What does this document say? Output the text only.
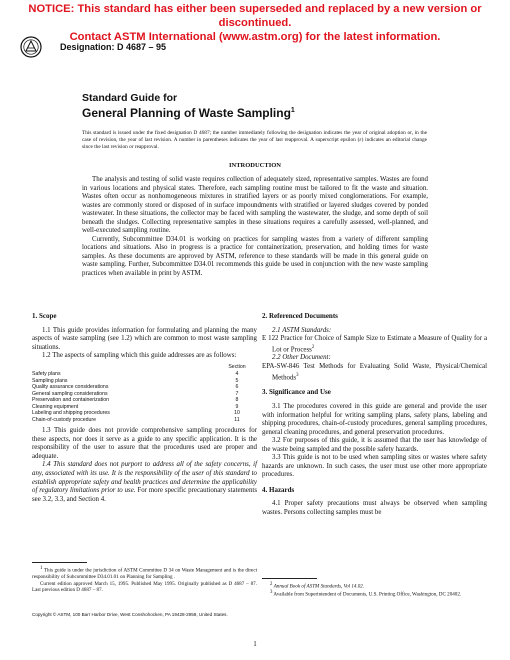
NOTICE: This standard has either been superseded and replaced by a new version or discontinued.
Contact ASTM International (www.astm.org) for the latest information.
Designation: D 4687 – 95
Standard Guide for
General Planning of Waste Sampling$^1$
This standard is issued under the fixed designation D 4687; the number immediately following the designation indicates the year of original adoption or, in the case of revision, the year of last revision. A number in parentheses indicates the year of last reapproval. A superscript epsilon (ε) indicates an editorial change since the last revision or reapproval.
INTRODUCTION

The analysis and testing of solid waste requires collection of adequately sized, representative samples. Wastes are found in various locations and physical states. Therefore, each sampling routine must be tailored to fit the waste and situation. Wastes often occur as nonhomogeneous mixtures in stratified layers or as poorly mixed conglomerations. For example, wastes are commonly stored or disposed of in surface impoundments with stratified or layered sludges covered by ponded wastewater. In these situations, the collector may be faced with sampling the wastewater, the sludge, and some depth of soil beneath the sludges. Collecting representative samples in these situations requires a carefully assessed, well-planned, and well-executed sampling routine.

Currently, Subcommittee D34.01 is working on practices for sampling wastes from a variety of different sampling locations and situations. Also in progress is a practice for containerization, preservation, and holding times for waste samples. As these documents are approved by ASTM, reference to these standards will be made in this general guide on waste sampling. Further, Subcommittee D34.01 recommends this guide be used in conjunction with the new waste sampling practices when available in print by ASTM.

1. Scope

1.1 This guide provides information for formulating and planning the many aspects of waste sampling (see 1.2) which are common to most waste sampling situations.

1.2 The aspects of sampling which this guide addresses are as follows:

	Section
Safety plans	4
Sampling plans	5
Quality assurance considerations	6
General sampling considerations	7
Preservation and containerization	8
Cleaning equipment	9
Labeling and shipping procedures	10
Chain-of-custody procedure	11

1.3 This guide does not provide comprehensive sampling procedures for these aspects, nor does it serve as a guide to any specific application. It is the responsibility of the user to assure that the procedures used are proper and adequate.

1.4 This standard does not purport to address all of the safety concerns, if any, associated with its use. It is the responsibility of the user of this standard to establish appropriate safety and health practices and determine the applicability of regulatory limitations prior to use. For more specific precautionary statements see 3.2, 3.3, and Section 4.

2. Referenced Documents

2.1 ASTM Standards:

E 122 Practice for Choice of Sample Size to Estimate a Measure of Quality for a Lot or Process$^2$

2.2 Other Document:

EPA-SW-846 Test Methods for Evaluating Solid Waste, Physical/Chemical Methods$^3$

3. Significance and Use

3.1 The procedures covered in this guide are general and provide the user with information helpful for writing sampling plans, safety plans, labeling and shipping procedures, chain-of-custody procedures, general sampling procedures, general cleaning procedures, and general preservation procedures.

3.2 For purposes of this guide, it is assumed that the user has knowledge of the waste being sampled and the possible safety hazards.

3.3 This guide is not to be used when sampling sites or wastes where safety hazards are unknown. In such cases, the user must use other more appropriate procedures.

4. Hazards

4.1 Proper safety precautions must always be observed when sampling wastes. Persons collecting samples must be

$^1$ This guide is under the jurisdiction of ASTM Committee D 34 on Waste Management and is the direct responsibility of Subcommittee D34.01.01 on Planning for Sampling .

Current edition approved March 15, 1995. Published May 1995. Originally published as D 4687 – 87. Last previous edition D 4687 – 87.

$^2$ Annual Book of ASTM Standards, Vol 14.02.

$^3$ Available from Superintendent of Documents, U.S. Printing Office, Washington, DC 20402.

Copyright © ASTM, 100 Barr Harbor Drive, West Conshohocken, PA 19428-2959, United States.
1
